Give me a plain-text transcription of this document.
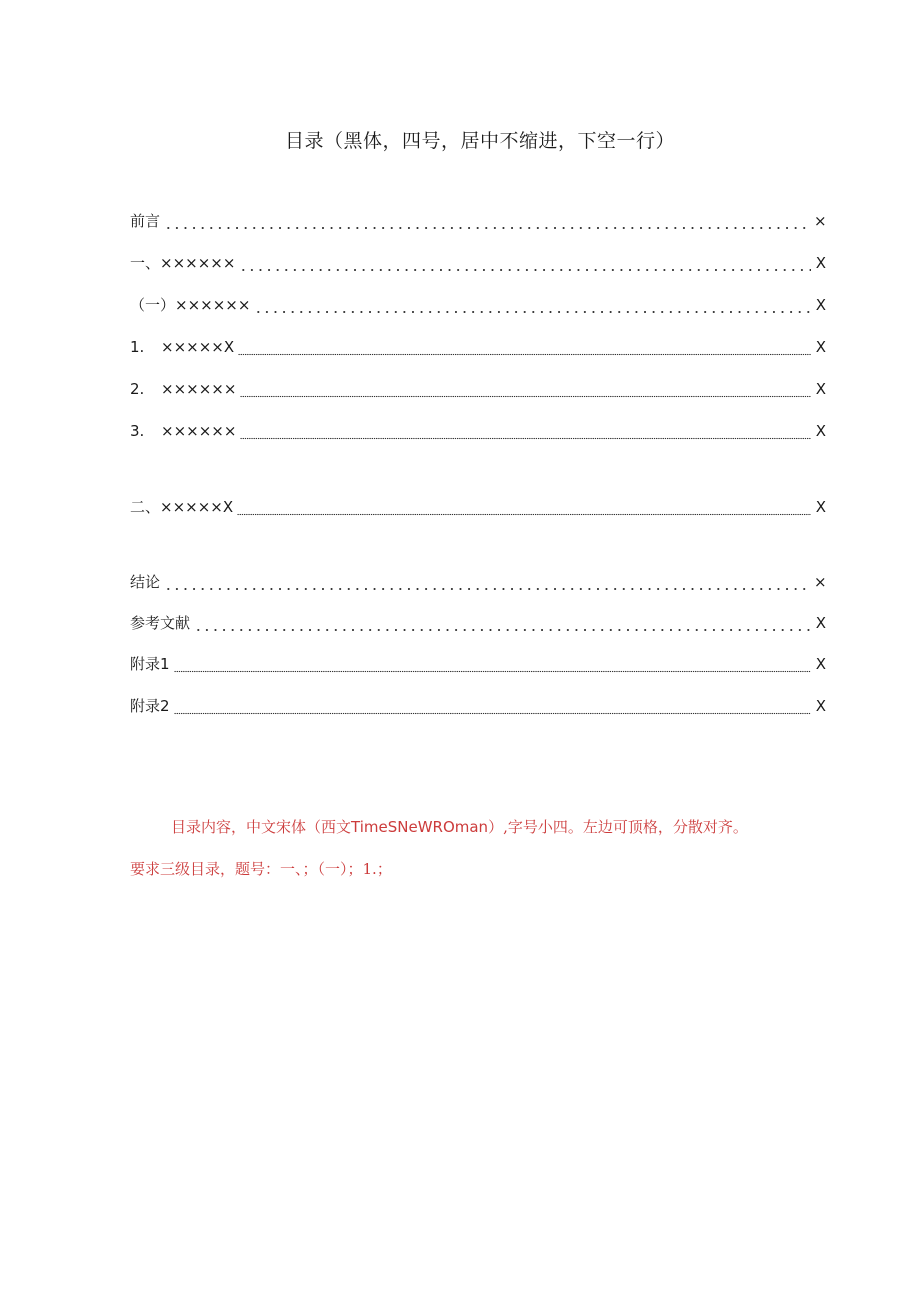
目录（黑体，四号，居中不缩进，下空一行）
前言	×
一、××××××	X
（一）××××××	X
1. ×××××X	X
2. ××××××	X
3. ××××××	X
二、×××××X	X
结论	×
参考文献	X
附录1	X
附录2	X
目录内容，中文宋体（西文TimeSNeWROman）,字号小四。左边可顶格，分散对齐。
要求三级目录，题号：一、；（一）；1.；
